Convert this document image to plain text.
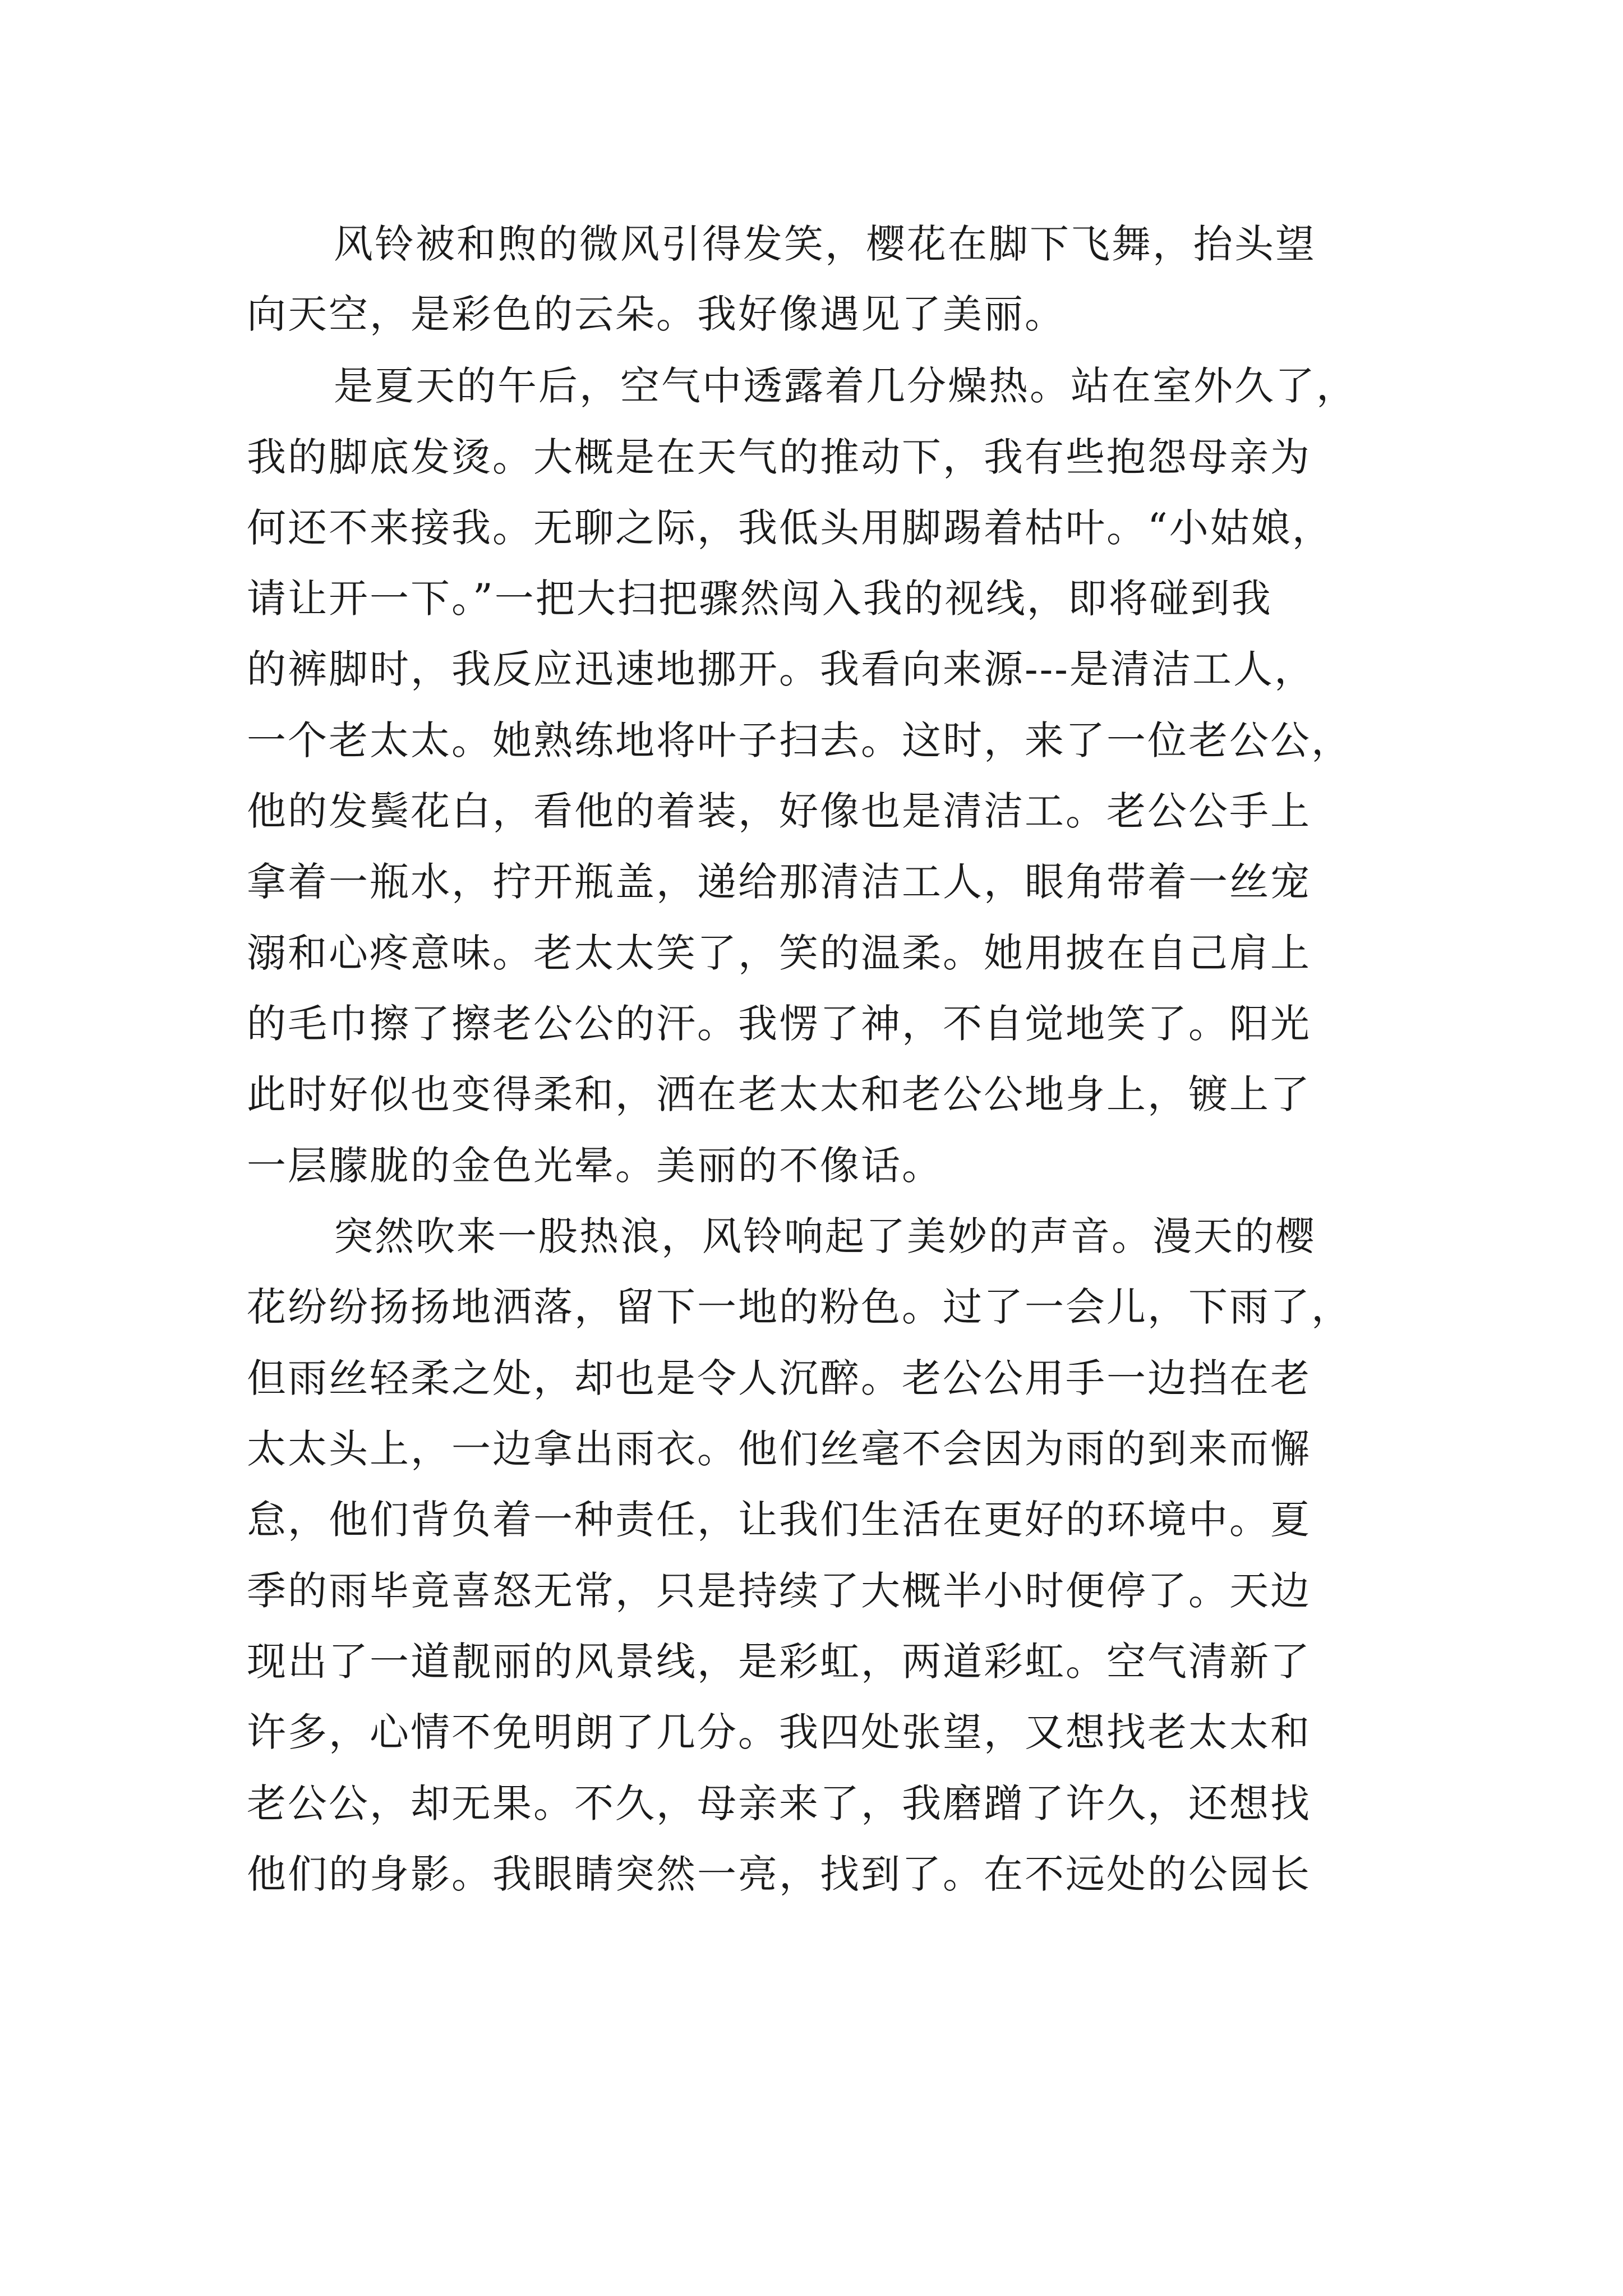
风铃被和煦的微风引得发笑，樱花在脚下飞舞，抬头望
向天空，是彩色的云朵。我好像遇见了美丽。
是夏天的午后，空气中透露着几分燥热。站在室外久了，
我的脚底发烫。大概是在天气的推动下，我有些抱怨母亲为
何还不来接我。无聊之际，我低头用脚踢着枯叶。“小姑娘，
请让开一下。”一把大扫把骤然闯入我的视线，即将碰到我
的裤脚时，我反应迅速地挪开。我看向来源---是清洁工人，
一个老太太。她熟练地将叶子扫去。这时，来了一位老公公，
他的发鬓花白，看他的着装，好像也是清洁工。老公公手上
拿着一瓶水，拧开瓶盖，递给那清洁工人，眼角带着一丝宠
溺和心疼意味。老太太笑了，笑的温柔。她用披在自己肩上
的毛巾擦了擦老公公的汗。我愣了神，不自觉地笑了。阳光
此时好似也变得柔和，洒在老太太和老公公地身上，镀上了
一层朦胧的金色光晕。美丽的不像话。
突然吹来一股热浪，风铃响起了美妙的声音。漫天的樱
花纷纷扬扬地洒落，留下一地的粉色。过了一会儿，下雨了，
但雨丝轻柔之处，却也是令人沉醉。老公公用手一边挡在老
太太头上，一边拿出雨衣。他们丝毫不会因为雨的到来而懈
怠，他们背负着一种责任，让我们生活在更好的环境中。夏
季的雨毕竟喜怒无常，只是持续了大概半小时便停了。天边
现出了一道靓丽的风景线，是彩虹，两道彩虹。空气清新了
许多，心情不免明朗了几分。我四处张望，又想找老太太和
老公公，却无果。不久，母亲来了，我磨蹭了许久，还想找
他们的身影。我眼睛突然一亮，找到了。在不远处的公园长
